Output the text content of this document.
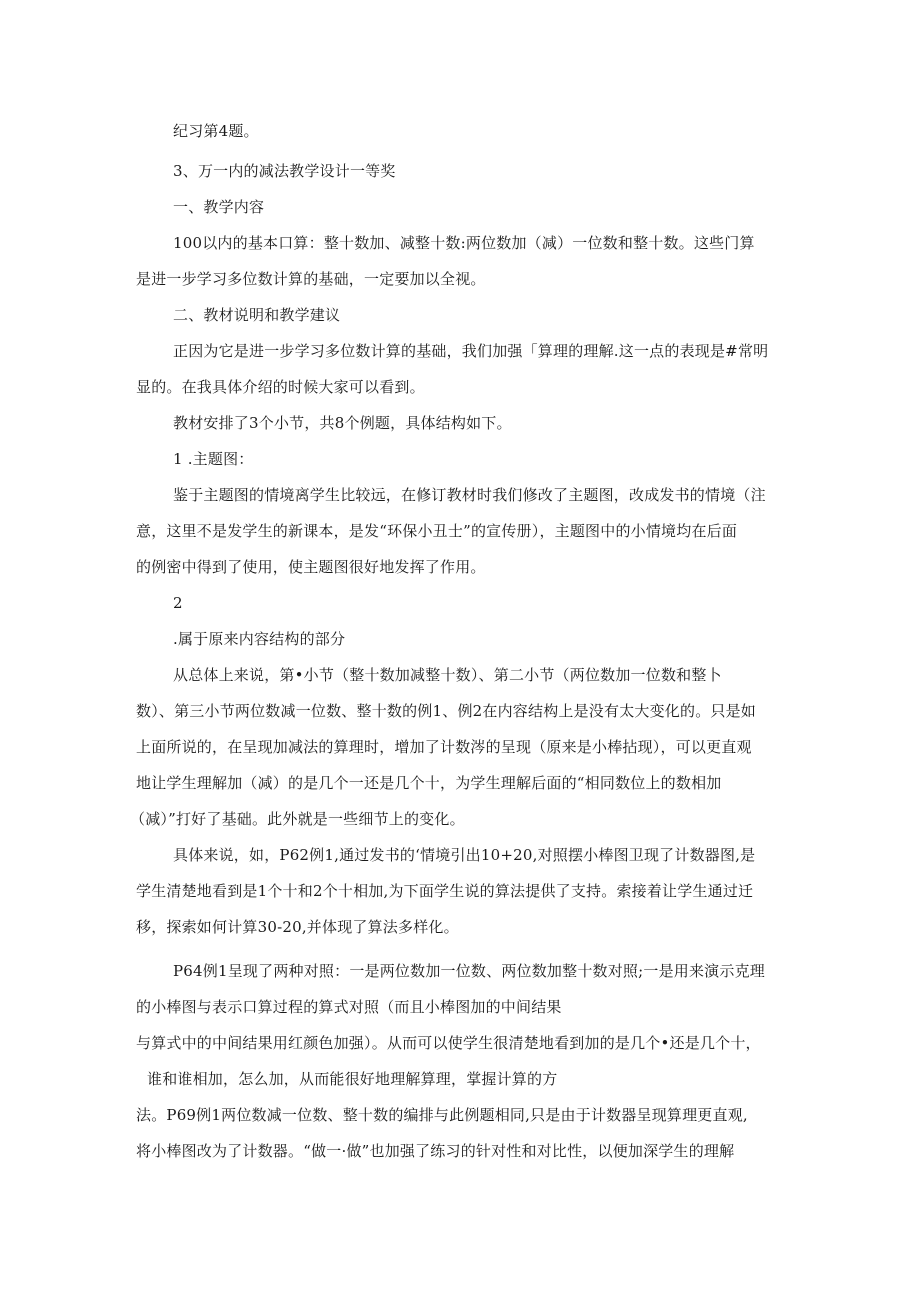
纪习第4题。
3、万一内的减法教学设计一等奖
一、教学内容
100以内的基本口算：整十数加、减整十数:两位数加（减）一位数和整十数。这些门算
是进一步学习多位数计算的基础，一定要加以全视。
二、教材说明和教学建议
正因为它是进一步学习多位数计算的基础，我们加强「算理的理解.这一点的表现是#常明
显的。在我具体介绍的时候大家可以看到。
教材安排了3个小节，共8个例题，具体结构如下。
1 .主题图：
鉴于主题图的情境离学生比较远，在修订教材时我们修改了主题图，改成发书的情境（注
意，这里不是发学生的新课本，是发“环保小丑士”的宣传册），主题图中的小情境均在后面
的例密中得到了使用，使主题图很好地发挥了作用。
2
.属于原来内容结构的部分
从总体上来说，第•小节（整十数加减整十数）、第二小节（两位数加一位数和整卜
数）、第三小节两位数减一位数、整十数的例1、例2在内容结构上是没有太大变化的。只是如
上面所说的，在呈现加减法的算理时，增加了计数涔的呈现（原来是小棒拈现），可以更直观
地让学生理解加（减）的是几个一还是几个十，为学生理解后面的“相同数位上的数相加
（减）”打好了基础。此外就是一些细节上的变化。
具体来说，如，P62例1,通过发书的‘情境引出10+20,对照摆小棒图卫现了计数器图,是
学生清楚地看到是1个十和2个十相加,为下面学生说的算法提供了支持。索接着让学生通过迁
移，探索如何计算30-20,并体现了算法多样化。
P64例1呈现了两种对照：一是两位数加一位数、两位数加整十数对照;一是用来演示克理
的小棒图与表示口算过程的算式对照（而且小棒图加的中间结果
与算式中的中间结果用红颜色加强）。从而可以使学生很清楚地看到加的是几个•还是几个十，
谁和谁相加，怎么加，从而能很好地理解算理，掌握计算的方
法。P69例1两位数减一位数、整十数的编排与此例题相同,只是由于计数器呈现算理更直观,
将小棒图改为了计数器。“做一·做”也加强了练习的针对性和对比性，以便加深学生的理解
